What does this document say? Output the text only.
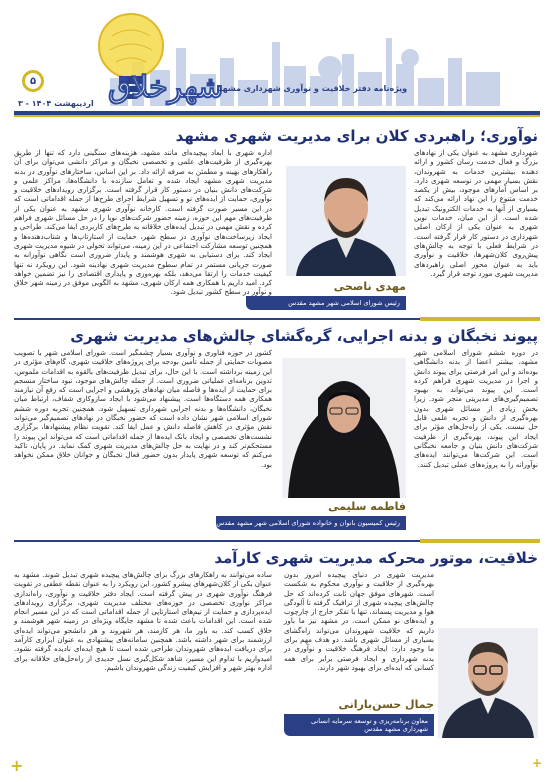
شهرخلاق
ویژه‌نامه دفتر خلاقیت و نوآوری شهرداری مشهد
اردیبهشت ۱۴۰۴ - ۳
۵
نوآوری؛ راهبردی کلان برای مدیریت شهری مشهد

شهرداری مشهد به عنوان یکی از نهادهای بزرگ و فعال خدمت رسان کشور و ارائه دهنده بیشترین خدمات به شهروندان، نقش بسیار مهمی در توسعه شهری دارد. بر اساس آمارهای موجود، بیش از یکصد خدمت متنوع را این نهاد ارائه می‌کند که بسیاری از آنها به خدمات الکترونیک تبدیل شده است. از این میان، خدمات نوین شهری به عنوان یکی از ارکان اصلی شهرداری در دستور کار قرار گرفته است. در شرایط فعلی با توجه به چالش‌های پیش‌روی کلان‌شهرها، خلاقیت و نوآوری باید به عنوان محور اصلی راهبردهای مدیریت شهری مورد توجه قرار گیرد.

مهدی ناصحی
رئیس شورای اسلامی شهر مشهد مقدس

اداره شهری با ابعاد پیچیده‌ای مانند مشهد، هزینه‌های سنگینی دارد که تنها از طریق بهره‌گیری از ظرفیت‌های علمی و تخصصی نخبگان و مراکز دانشی می‌توان برای آن راهکارهای بهینه و مطمئن به صرفه ارائه داد. بر این اساس، ساختارهای نوآوری در بدنه مدیریت شهری مشهد ایجاد شده و تعامل سازنده با دانشگاه‌ها، مراکز علمی و شرکت‌های دانش بنیان در دستور کار قرار گرفته است. برگزاری رویدادهای خلاقیت و نوآوری، حمایت از ایده‌های نو و تسهیل شرایط اجرای طرح‌ها از جمله اقداماتی است که در این مسیر صورت گرفته است. کارخانه نوآوری شهری مشهد به عنوان یکی از ظرفیت‌های مهم این حوزه، زمینه حضور شرکت‌های نوپا را در حل مسائل شهری فراهم کرده و نقش مهمی در تبدیل ایده‌های خلاقانه به طرح‌های کاربردی ایفا می‌کند. طراحی و ایجاد زیرساخت‌های نوآوری در سطح شهر، حمایت از استارتاپ‌ها و شتاب‌دهنده‌ها و همچنین توسعه مشارکت اجتماعی در این زمینه، می‌تواند تحولی در شیوه مدیریت شهری ایجاد کند. برای دستیابی به شهری هوشمند و پایدار ضروری است نگاهی نوآورانه به صورت جریانی مستمر در تمام سطوح مدیریت شهری نهادینه شود. این رویکرد نه تنها کیفیت خدمات را ارتقا می‌دهد، بلکه بهره‌وری و پایداری اقتصادی را نیز تضمین خواهد کرد. امید داریم با همکاری همه ارکان شهری، مشهد به الگویی موفق در زمینه شهر خلاق و نوآور در سطح کشور تبدیل شود.

پیوند نخبگان و بدنه اجرایی، گره‌گشای چالش‌های مدیریت شهری

در دوره ششم شورای اسلامی شهر مشهد، بیشتر اعضا از بدنه دانشگاهی بوده‌اند و این امر فرصتی برای پیوند دانش و اجرا در مدیریت شهری فراهم کرده است. این پیوند می‌تواند به بهبود تصمیم‌گیری‌های مدیریتی منجر شود. زیرا بخش زیادی از مسائل شهری بدون بهره‌گیری از دانش و تجربه علمی قابل حل نیست. یکی از راه‌حل‌های مؤثر برای ایجاد این پیوند، بهره‌گیری از ظرفیت شرکت‌های دانش بنیان و جامعه نخبگانی است. این شرکت‌ها می‌توانند ایده‌های نوآورانه را به پروژه‌های عملی تبدیل کنند.

فاطمه سلیمی
رئیس کمیسیون بانوان و خانواده شورای اسلامی شهر مشهد مقدس

کشور در حوزه فناوری و نوآوری بسیار چشمگیر است. شورای اسلامی شهر با تصویب مصوبات حمایتی از جمله تأمین بودجه برای پروژه‌های خلاقیت شهری، گام‌های مؤثری در این زمینه برداشته است. با این حال، برای تبدیل ظرفیت‌های بالقوه به اقدامات ملموس، تدوین برنامه‌ای عملیاتی ضروری است. از جمله چالش‌های موجود، نبود ساختار منسجم برای حمایت از ایده‌ها و فاصله میان نهادهای پژوهشی و اجرایی است که رفع آن نیازمند همکاری همه دستگاه‌ها است. پیشنهاد می‌شود با ایجاد سازوکاری شفاف، ارتباط میان نخبگان، دانشگاه‌ها و بدنه اجرایی شهرداری تسهیل شود. همچنین تجربه دوره ششم شورای اسلامی شهر نشان داده است که حضور نخبگان در نهادهای تصمیم‌گیر می‌تواند نقش مؤثری در کاهش فاصله دانش و عمل ایفا کند. تقویت نظام پیشنهادها، برگزاری نشست‌های تخصصی و ایجاد بانک ایده‌ها از جمله اقداماتی است که می‌تواند این پیوند را مستحکم‌تر کند و در نهایت به حل چالش‌های مدیریت شهری کمک نماید. در پایان، تاکید می‌کنم که توسعه شهری پایدار بدون حضور فعال نخبگان و جوانان خلاق ممکن نخواهد بود.

خلاقیت، موتور محرکه مدیریت شهری کارآمد

مدیریت شهری در دنیای پیچیده امروز بدون بهره‌گیری از خلاقیت و نوآوری محکوم به شکست است. شهرهای موفق جهان ثابت کرده‌اند که حل چالش‌های پیچیده شهری از ترافیک گرفته تا آلودگی هوا و مدیریت پسماند، تنها با تفکر خارج از چارچوب و ایده‌های نو ممکن است. در مشهد نیز ما باور داریم که خلاقیت شهروندان می‌تواند راه‌گشای بسیاری از مسائل شهری باشد. دو هدف مهم برای ما وجود دارد: ایجاد فرهنگ خلاقیت و نوآوری در بدنه شهرداری و ایجاد فرصتی برابر برای همه کسانی که ایده‌ای برای بهبود شهر دارند.

جمال حسن‌بارانی
معاون برنامه‌ریزی و توسعه سرمایه انسانی شهرداری مشهد مقدس

ساده می‌توانند به راهکارهای بزرگ برای چالش‌های پیچیده شهری تبدیل شوند. مشهد به عنوان یکی از کلان‌شهرهای پیشرو کشور، این رویکرد را به عنوان نقطه عطفی در تقویت فرهنگ نوآوری شهری در پیش گرفته است. ایجاد دفتر خلاقیت و نوآوری، راه‌اندازی مراکز نوآوری تخصصی در حوزه‌های مختلف مدیریت شهری، برگزاری رویدادهای ایده‌پردازی و حمایت از تیم‌های استارتاپی از جمله اقداماتی است که در این مسیر انجام شده است. این اقدامات باعث شده تا مشهد جایگاه ویژه‌ای در زمینه شهر هوشمند و خلاق کسب کند. به باور ما، هر کارمند، هر شهروند و هر دانشجو می‌تواند ایده‌ای ارزشمند برای شهر داشته باشد. همچنین سامانه‌های پیشنهادی به عنوان ابزاری کارآمد برای دریافت ایده‌های شهروندان طراحی شده است تا هیچ ایده‌ای نادیده گرفته نشود. امیدواریم با تداوم این مسیر، شاهد شکل‌گیری نسل جدیدی از راه‌حل‌های خلاقانه برای اداره بهتر شهر و افزایش کیفیت زندگی شهروندان باشیم.

+	+
